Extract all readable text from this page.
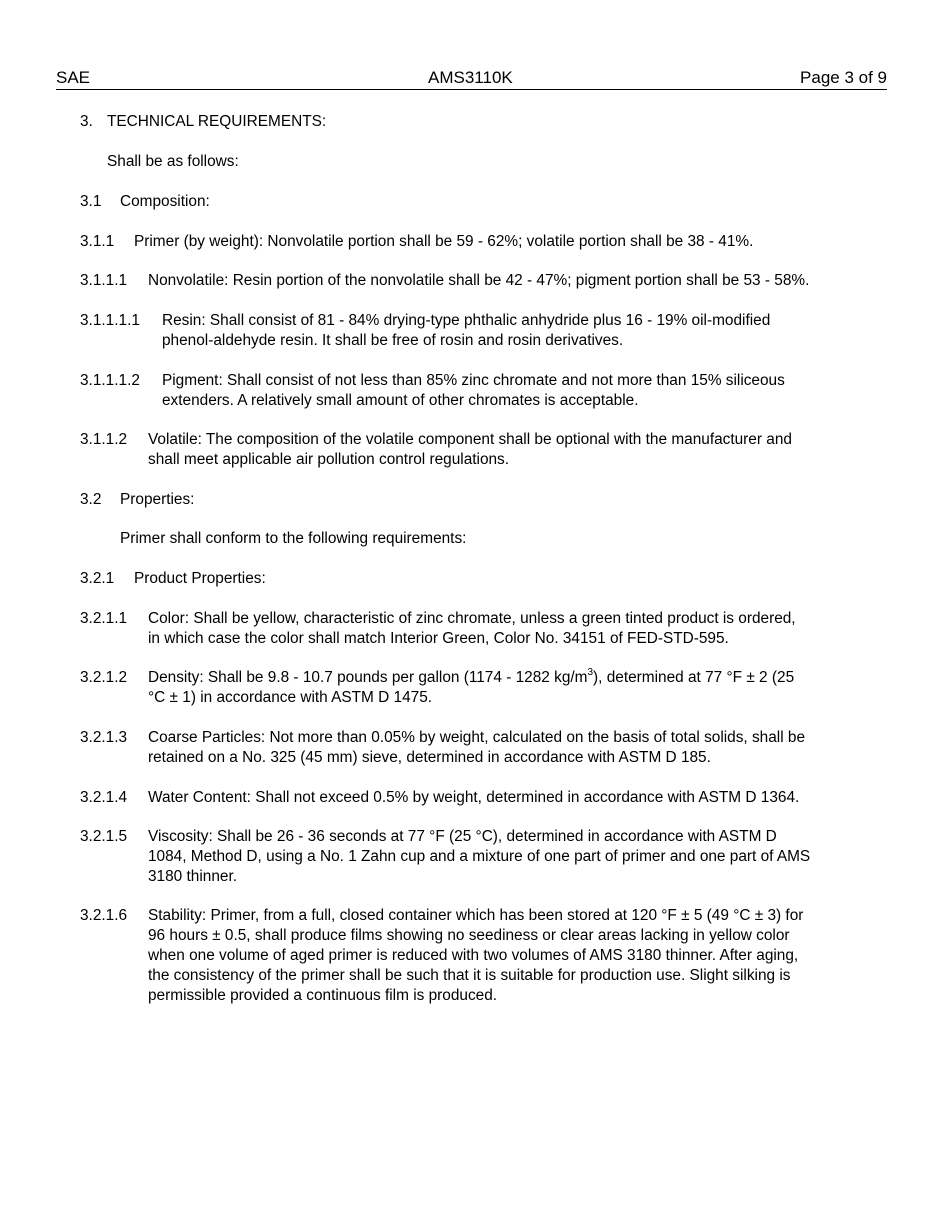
SAE	AMS3110K	Page 3 of 9
3. TECHNICAL REQUIREMENTS:
Shall be as follows:
3.1 Composition:
3.1.1 Primer (by weight): Nonvolatile portion shall be 59 - 62%; volatile portion shall be 38 - 41%.
3.1.1.1 Nonvolatile: Resin portion of the nonvolatile shall be 42 - 47%; pigment portion shall be 53 - 58%.
3.1.1.1.1 Resin: Shall consist of 81 - 84% drying-type phthalic anhydride plus 16 - 19% oil-modified
phenol-aldehyde resin. It shall be free of rosin and rosin derivatives.
3.1.1.1.2 Pigment: Shall consist of not less than 85% zinc chromate and not more than 15% siliceous
extenders. A relatively small amount of other chromates is acceptable.
3.1.1.2 Volatile: The composition of the volatile component shall be optional with the manufacturer and
shall meet applicable air pollution control regulations.
3.2 Properties:
Primer shall conform to the following requirements:
3.2.1 Product Properties:
3.2.1.1 Color: Shall be yellow, characteristic of zinc chromate, unless a green tinted product is ordered,
in which case the color shall match Interior Green, Color No. 34151 of FED-STD-595.
3.2.1.2 Density: Shall be 9.8 - 10.7 pounds per gallon (1174 - 1282 $kg/m^3$), determined at 77 °F ± 2 (25
°C ± 1) in accordance with ASTM D 1475.
3.2.1.3 Coarse Particles: Not more than 0.05% by weight, calculated on the basis of total solids, shall be
retained on a No. 325 (45 mm) sieve, determined in accordance with ASTM D 185.
3.2.1.4 Water Content: Shall not exceed 0.5% by weight, determined in accordance with ASTM D 1364.
3.2.1.5 Viscosity: Shall be 26 - 36 seconds at 77 °F (25 °C), determined in accordance with ASTM D
1084, Method D, using a No. 1 Zahn cup and a mixture of one part of primer and one part of AMS
3180 thinner.
3.2.1.6 Stability: Primer, from a full, closed container which has been stored at 120 °F ± 5 (49 °C ± 3) for
96 hours ± 0.5, shall produce films showing no seediness or clear areas lacking in yellow color
when one volume of aged primer is reduced with two volumes of AMS 3180 thinner. After aging,
the consistency of the primer shall be such that it is suitable for production use. Slight silking is
permissible provided a continuous film is produced.
